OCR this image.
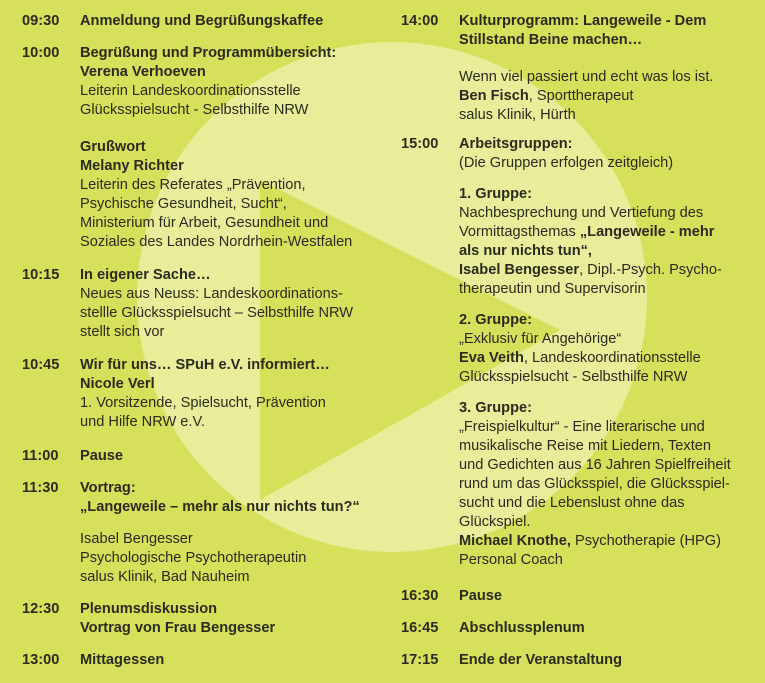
09:30 Anmeldung und Begrüßungskaffee

10:00 Begrüßung und Programmübersicht:

Verena Verhoeven

Leiterin Landeskoordinationsstelle

Glücksspielsucht - Selbsthilfe NRW

Grußwort

Melany Richter

Leiterin des Referates „Prävention,

Psychische Gesundheit, Sucht“,

Ministerium für Arbeit, Gesundheit und

Soziales des Landes Nordrhein-Westfalen

10:15 In eigener Sache…

Neues aus Neuss: Landeskoordinations-

stellle Glücksspielsucht – Selbsthilfe NRW

stellt sich vor

10:45 Wir für uns… SPuH e.V. informiert…

Nicole Verl

1. Vorsitzende, Spielsucht, Prävention

und Hilfe NRW e.V.

11:00 Pause

11:30 Vortrag:

„Langeweile – mehr als nur nichts tun?“

Isabel Bengesser

Psychologische Psychotherapeutin

salus Klinik, Bad Nauheim

12:30 Plenumsdiskussion

Vortrag von Frau Bengesser

13:00 Mittagessen

14:00 Kulturprogramm: Langeweile - Dem

Stillstand Beine machen…

Wenn viel passiert und echt was los ist.

Ben Fisch, Sporttherapeut

salus Klinik, Hürth

15:00 Arbeitsgruppen:

(Die Gruppen erfolgen zeitgleich)

1. Gruppe:

Nachbesprechung und Vertiefung des

Vormittagsthemas „Langeweile - mehr

als nur nichts tun“,

Isabel Bengesser, Dipl.-Psych. Psycho-

therapeutin und Supervisorin

2. Gruppe:

„Exklusiv für Angehörige“

Eva Veith, Landeskoordinationsstelle

Glücksspielsucht - Selbsthilfe NRW

3. Gruppe:

„Freispielkultur“ - Eine literarische und

musikalische Reise mit Liedern, Texten

und Gedichten aus 16 Jahren Spielfreiheit

rund um das Glücksspiel, die Glücksspiel-

sucht und die Lebenslust ohne das

Glückspiel.

Michael Knothe, Psychotherapie (HPG)

Personal Coach

16:30 Pause

16:45 Abschlussplenum

17:15 Ende der Veranstaltung
